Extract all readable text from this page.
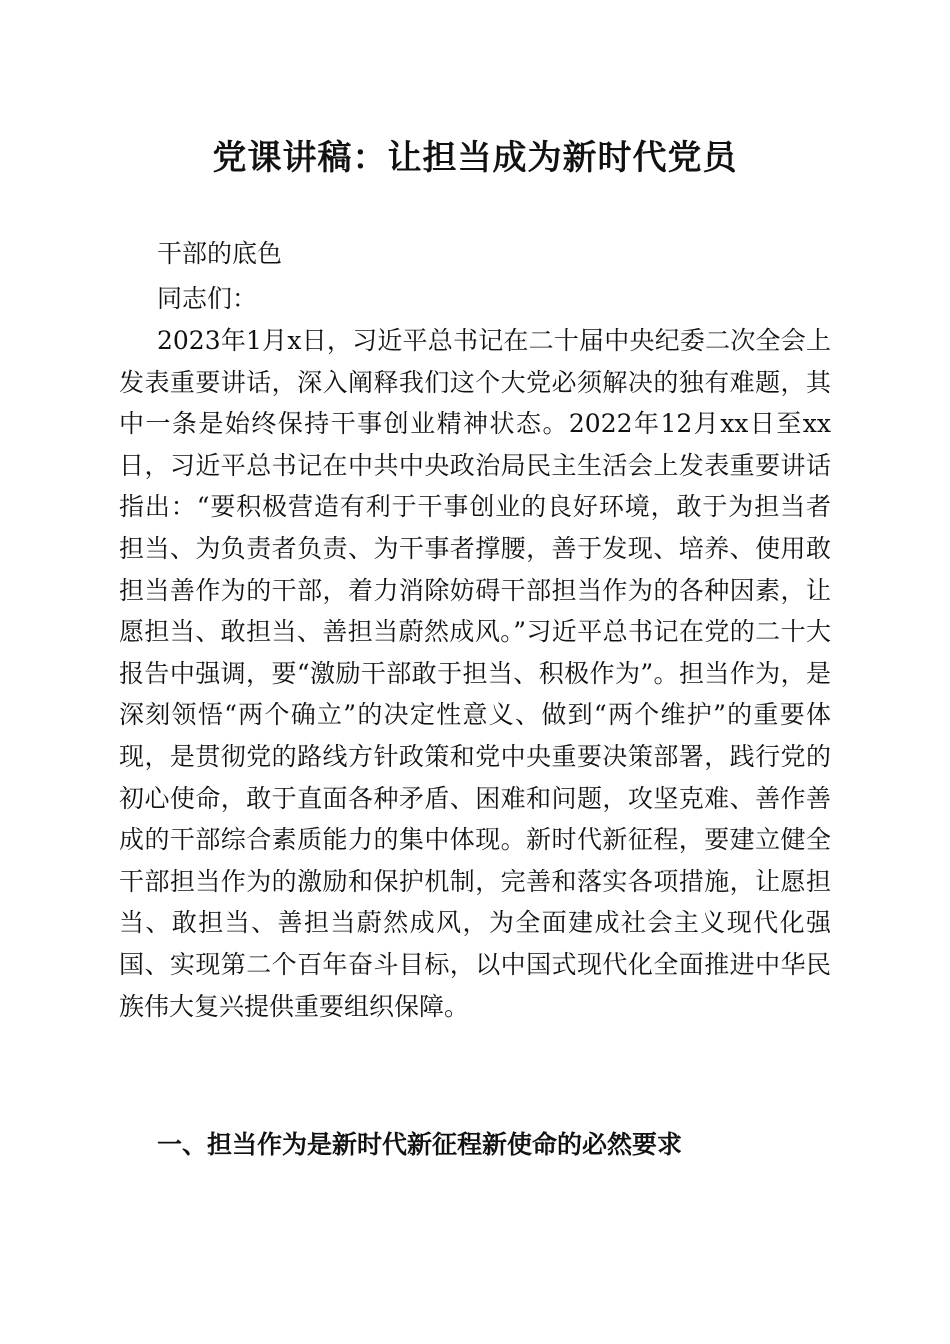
党课讲稿：让担当成为新时代党员

干部的底色

同志们：

2023年1月x日，习近平总书记在二十届中央纪委二次全会上发表重要讲话，深入阐释我们这个大党必须解决的独有难题，其中一条是始终保持干事创业精神状态。2022年12月xx日至xx日，习近平总书记在中共中央政治局民主生活会上发表重要讲话指出：“要积极营造有利于干事创业的良好环境，敢于为担当者担当、为负责者负责、为干事者撑腰，善于发现、培养、使用敢担当善作为的干部，着力消除妨碍干部担当作为的各种因素，让愿担当、敢担当、善担当蔚然成风。”习近平总书记在党的二十大报告中强调，要“激励干部敢于担当、积极作为”。担当作为，是深刻领悟“两个确立”的决定性意义、做到“两个维护”的重要体现，是贯彻党的路线方针政策和党中央重要决策部署，践行党的初心使命，敢于直面各种矛盾、困难和问题，攻坚克难、善作善成的干部综合素质能力的集中体现。新时代新征程，要建立健全干部担当作为的激励和保护机制，完善和落实各项措施，让愿担当、敢担当、善担当蔚然成风，为全面建成社会主义现代化强国、实现第二个百年奋斗目标，以中国式现代化全面推进中华民族伟大复兴提供重要组织保障。

一、担当作为是新时代新征程新使命的必然要求
